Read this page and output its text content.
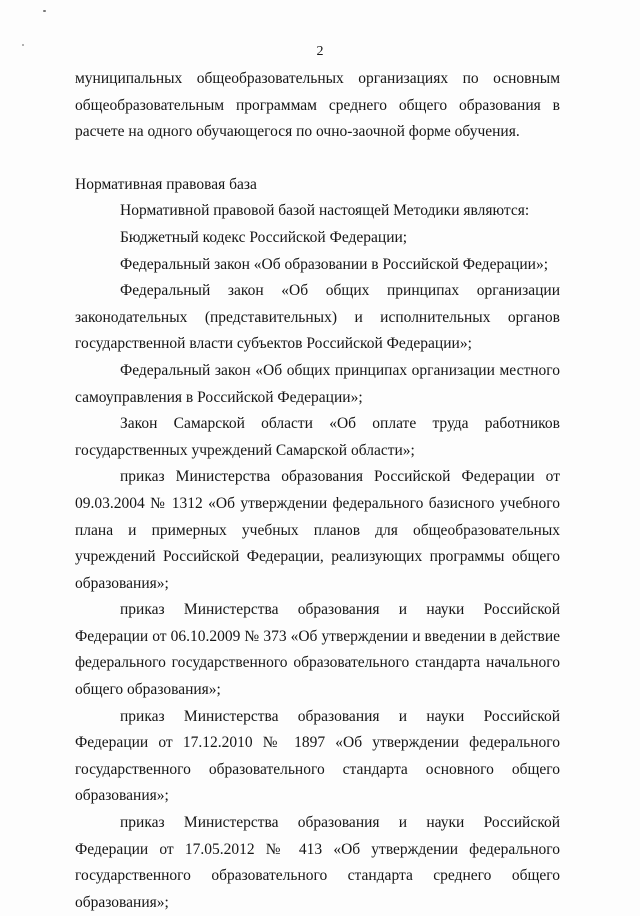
2

муниципальных общеобразовательных организациях по основным

общеобразовательным программам среднего общего образования в расчете на одного обучающегося по очно-заочной форме обучения.

Нормативная правовая база

Нормативной правовой базой настоящей Методики являются:

Бюджетный кодекс Российской Федерации;

Федеральный закон «Об образовании в Российской Федерации»;

Федеральный закон «Об общих принципах организации законодательных (представительных) и исполнительных органов государственной власти субъектов Российской Федерации»;

Федеральный закон «Об общих принципах организации местного самоуправления в Российской Федерации»;

Закон Самарской области «Об оплате труда работников государственных учреждений Самарской области»;

приказ Министерства образования Российской Федерации от 09.03.2004 № 1312 «Об утверждении федерального базисного учебного плана и примерных учебных планов для общеобразовательных учреждений Российской Федерации, реализующих программы общего образования»;

приказ Министерства образования и науки Российской Федерации от 06.10.2009 № 373 «Об утверждении и введении в действие федерального государственного образовательного стандарта начального общего образования»;

приказ Министерства образования и науки Российской Федерации от 17.12.2010 № 1897 «Об утверждении федерального государственного образовательного стандарта основного общего образования»;

приказ Министерства образования и науки Российской Федерации от 17.05.2012 № 413 «Об утверждении федерального государственного образовательного стандарта среднего общего образования»;
